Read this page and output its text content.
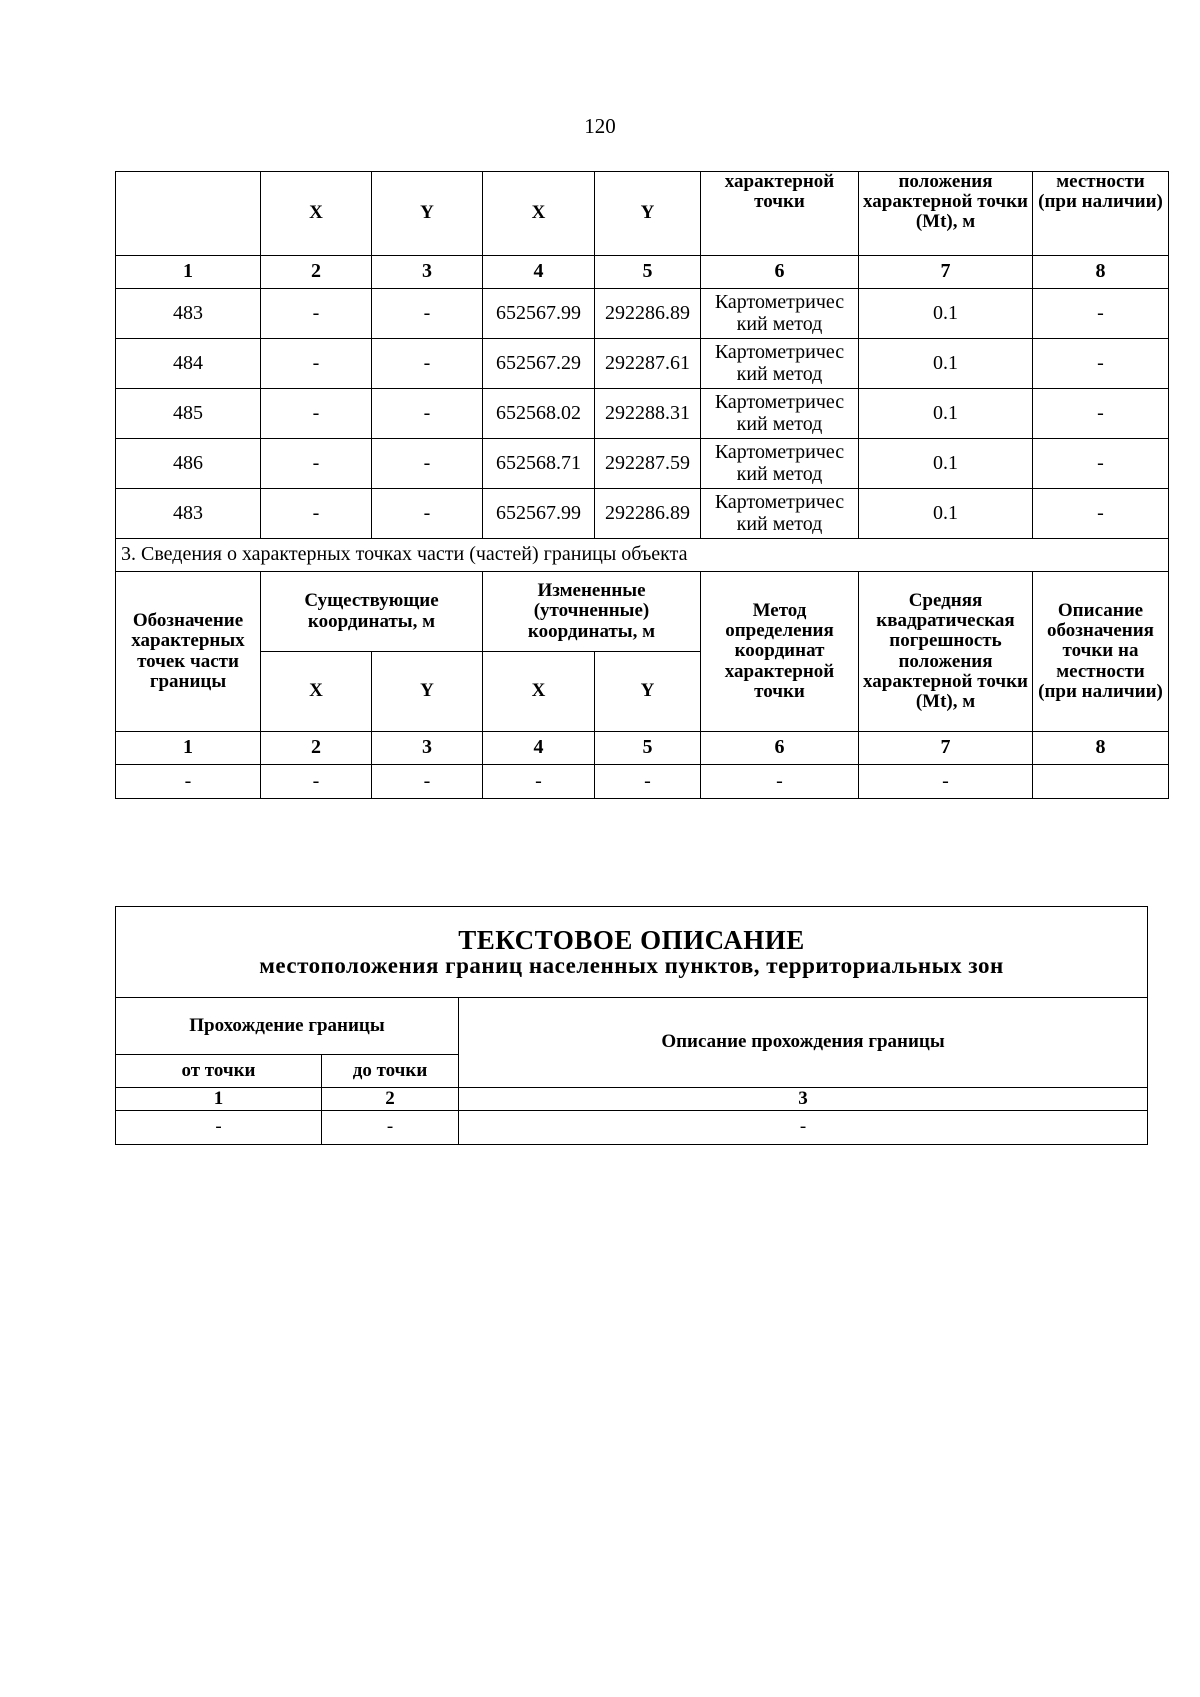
120
	X	Y	X	Y	характерной точки	положения характерной точки (Mt), м	местности (при наличии)
1	2	3	4	5	6	7	8
483	-	-	652567.99	292286.89	Картометричес кий метод	0.1	-
484	-	-	652567.29	292287.61	Картометричес кий метод	0.1	-
485	-	-	652568.02	292288.31	Картометричес кий метод	0.1	-
486	-	-	652568.71	292287.59	Картометричес кий метод	0.1	-
483	-	-	652567.99	292286.89	Картометричес кий метод	0.1	-
3. Сведения о характерных точках части (частей) границы объекта							
Обозначение характерных точек части границы	Существующие координаты, м		Измененные (уточненные) координаты, м		Метод определения координат характерной точки	Средняя квадратическая погрешность положения характерной точки (Mt), м	Описание обозначения точки на местности (при наличии)
	X	Y	X	Y			
1	2	3	4	5	6	7	8
-	-	-	-	-	-	-	
ТЕКСТОВОЕ ОПИСАНИЕ
местоположения границ населенных пунктов, территориальных зон		

Прохождение границы		Описание прохождения границы
от точки	до точки	
1	2	3
-	-	-
